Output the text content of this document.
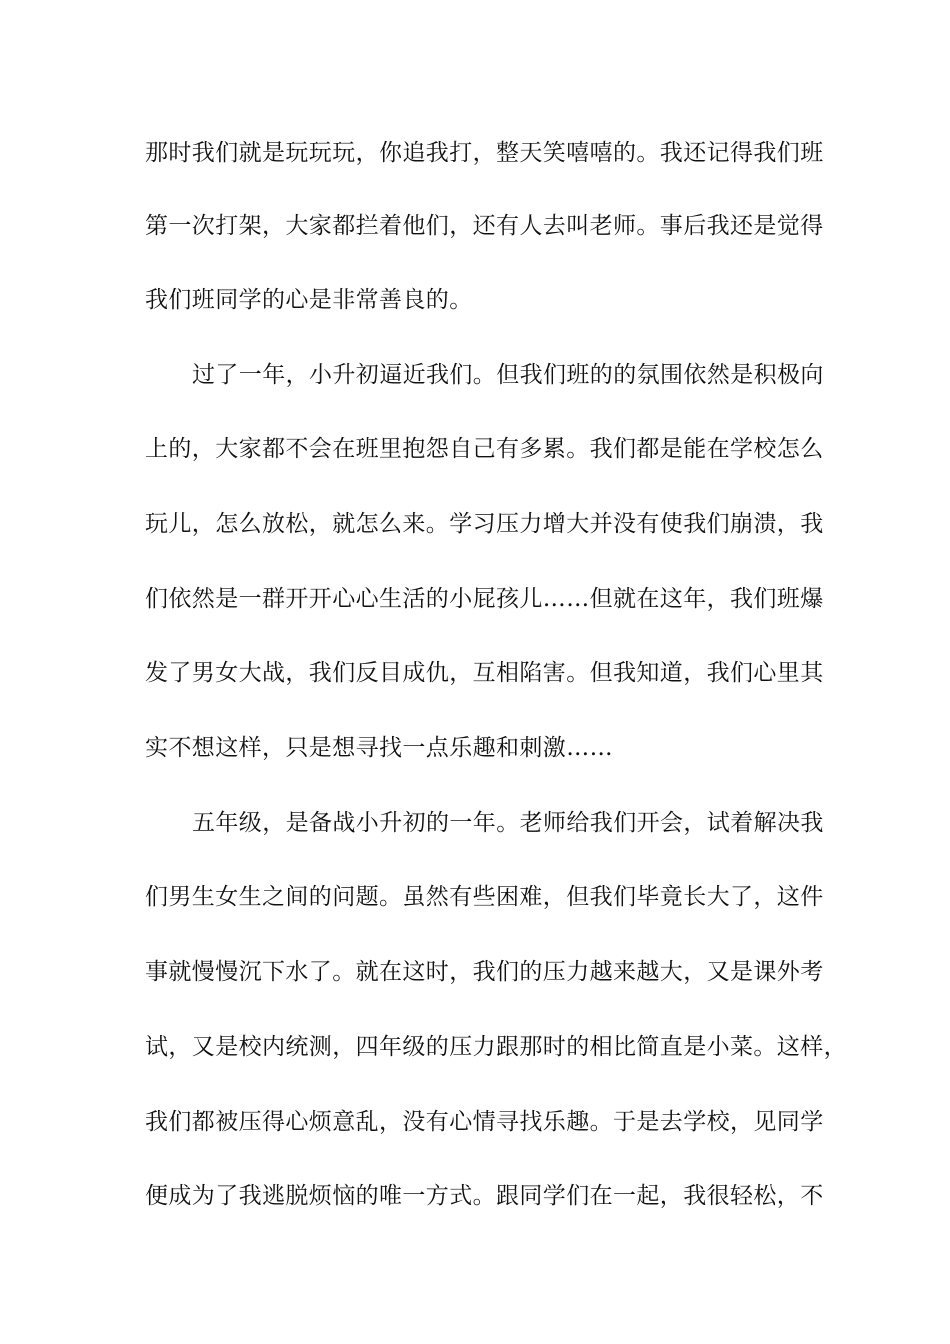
那时我们就是玩玩玩，你追我打，整天笑嘻嘻的。我还记得我们班
第一次打架，大家都拦着他们，还有人去叫老师。事后我还是觉得
我们班同学的心是非常善良的。
过了一年，小升初逼近我们。但我们班的的氛围依然是积极向
上的，大家都不会在班里抱怨自己有多累。我们都是能在学校怎么
玩儿，怎么放松，就怎么来。学习压力增大并没有使我们崩溃，我
们依然是一群开开心心生活的小屁孩儿……但就在这年，我们班爆
发了男女大战，我们反目成仇，互相陷害。但我知道，我们心里其
实不想这样，只是想寻找一点乐趣和刺激……
五年级，是备战小升初的一年。老师给我们开会，试着解决我
们男生女生之间的问题。虽然有些困难，但我们毕竟长大了，这件
事就慢慢沉下水了。就在这时，我们的压力越来越大，又是课外考
试，又是校内统测，四年级的压力跟那时的相比简直是小菜。这样，
我们都被压得心烦意乱，没有心情寻找乐趣。于是去学校，见同学
便成为了我逃脱烦恼的唯一方式。跟同学们在一起，我很轻松，不
